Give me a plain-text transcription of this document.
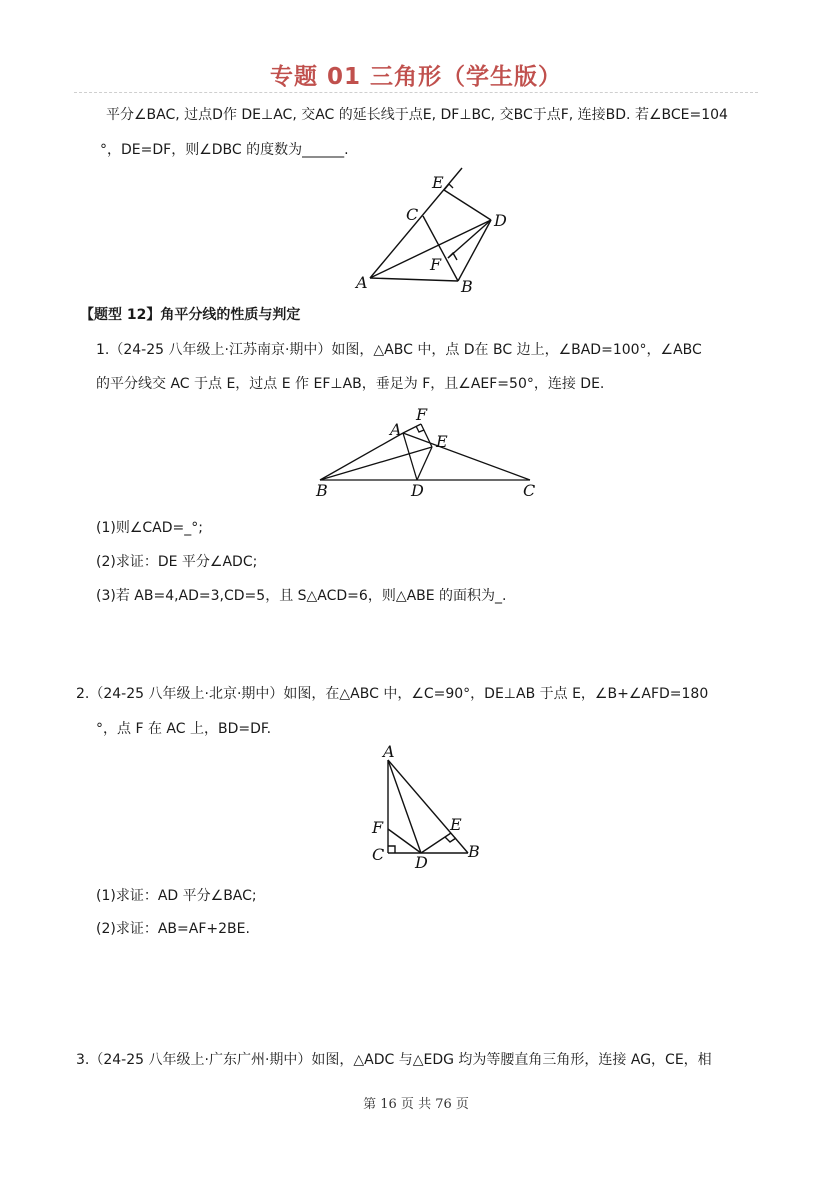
专题 01 三角形（学生版）
平分∠BAC, 过点D作 DE⊥AC, 交AC 的延长线于点E, DF⊥BC, 交BC于点F, 连接BD. 若∠BCE=104
°，DE=DF，则∠DBC 的度数为______.
E
C	D
F
A	B
【题型 12】角平分线的性质与判定
1.（24-25 八年级上·江苏南京·期中）如图，△ABC 中，点 D在 BC 边上，∠BAD=100°，∠ABC
的平分线交 AC 于点 E，过点 E 作 EF⊥AB，垂足为 F，且∠AEF=50°，连接 DE.
F
A
E
B	D	C
(1)则∠CAD=_°;
(2)求证：DE 平分∠ADC;
(3)若 AB=4,AD=3,CD=5，且 S△ACD=6，则△ABE 的面积为_.
2.（24-25 八年级上·北京·期中）如图，在△ABC 中，∠C=90°，DE⊥AB 于点 E，∠B+∠AFD=180
°，点 F 在 AC 上，BD=DF.
A
E
F
C D
B
(1)求证：AD 平分∠BAC;
(2)求证：AB=AF+2BE.
3.（24-25 八年级上·广东广州·期中）如图，△ADC 与△EDG 均为等腰直角三角形，连接 AG，CE，相
第 16 页 共 76 页
